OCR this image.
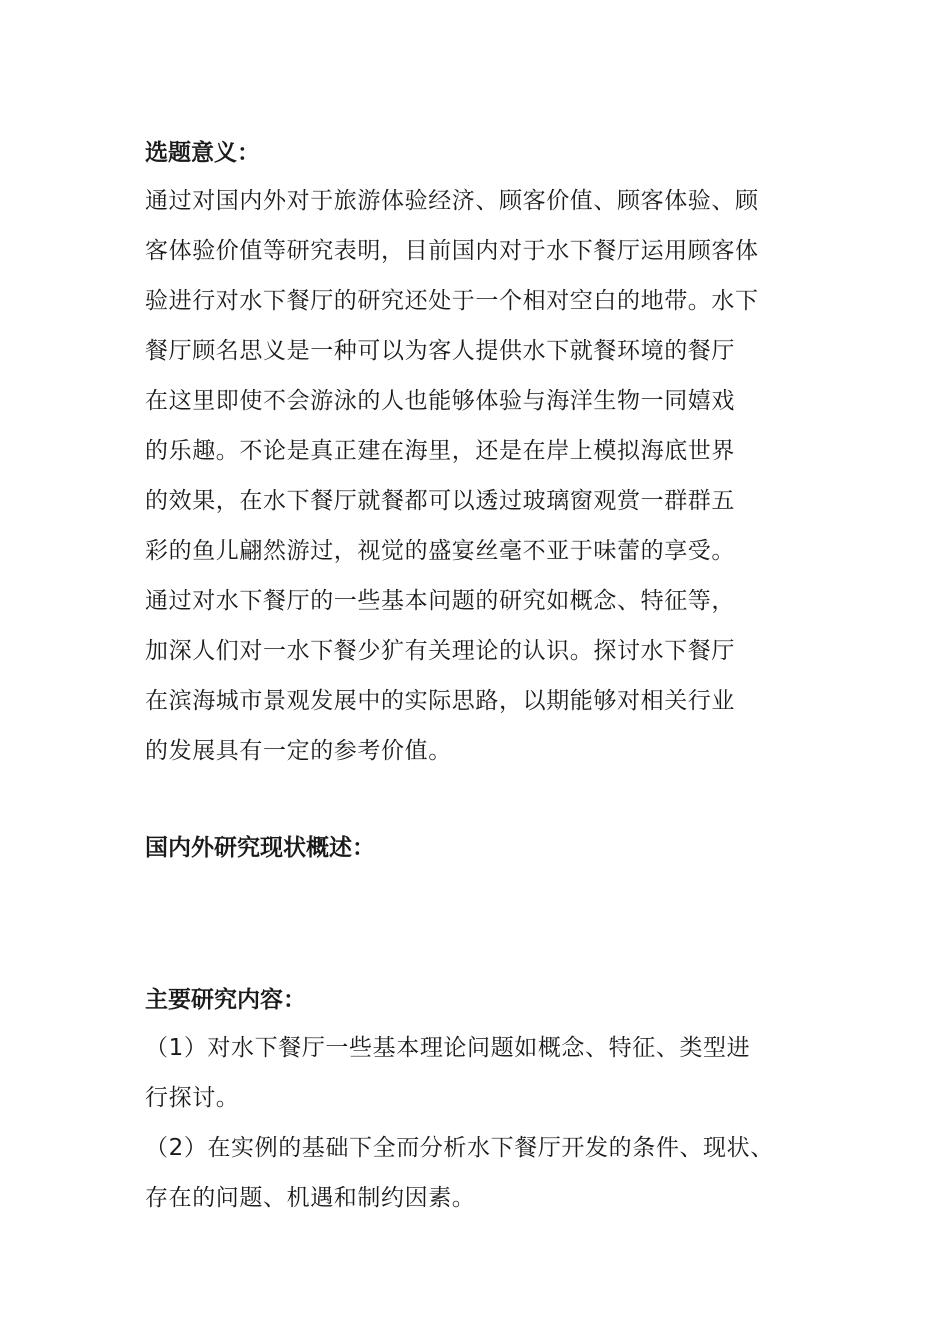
选题意义：
通过对国内外对于旅游体验经济、顾客价值、顾客体验、顾
客体验价值等研究表明，目前国内对于水下餐厅运用顾客体
验进行对水下餐厅的研究还处于一个相对空白的地带。水下
餐厅顾名思义是一种可以为客人提供水下就餐环境的餐厅
在这里即使不会游泳的人也能够体验与海洋生物一同嬉戏
的乐趣。不论是真正建在海里，还是在岸上模拟海底世界
的效果，在水下餐厅就餐都可以透过玻璃窗观赏一群群五
彩的鱼儿翩然游过，视觉的盛宴丝毫不亚于味蕾的享受。
通过对水下餐厅的一些基本问题的研究如概念、特征等，
加深人们对一水下餐少犷有关理论的认识。探讨水下餐厅
在滨海城市景观发展中的实际思路，以期能够对相关行业
的发展具有一定的参考价值。
国内外研究现状概述：
主要研究内容：
（1）对水下餐厅一些基本理论问题如概念、特征、类型进
行探讨。
（2）在实例的基础下全而分析水下餐厅开发的条件、现状、
存在的问题、机遇和制约因素。
